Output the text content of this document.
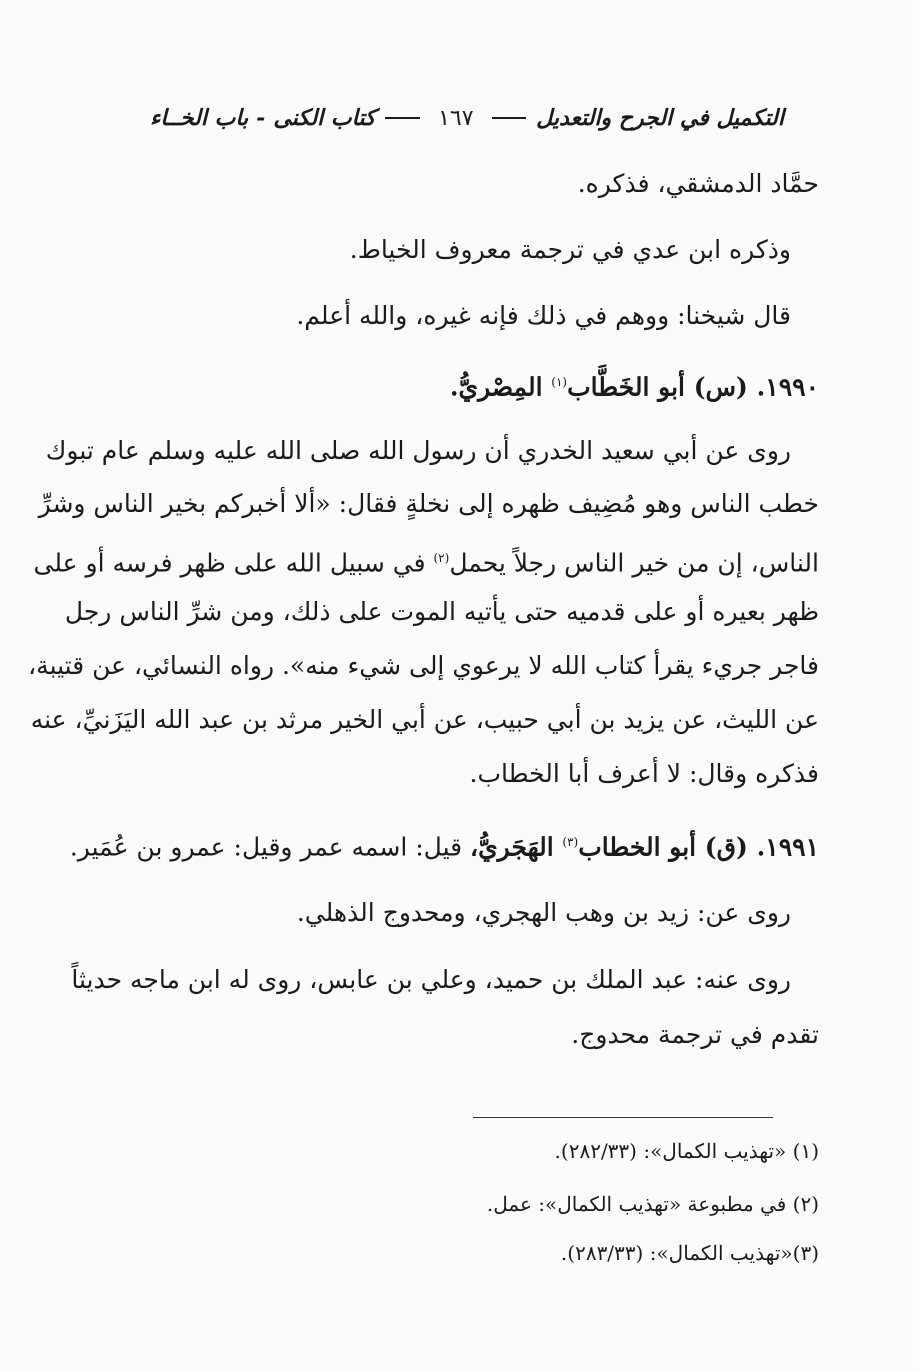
التكميل في الجرح والتعديل
١٦٧
كتاب الكنى
-
باب الخــاء
حمَّاد الدمشقي، فذكره.
وذكره ابن عدي في ترجمة معروف الخياط.
قال شيخنا: ووهم في ذلك فإنه غيره، والله أعلم.
١٩٩٠. (س) أبو الخَطَّاب$^{(١)}$ المِصْريُّ.
روى عن أبي سعيد الخدري أن رسول الله صلى الله عليه وسلم عام تبوك
خطب الناس وهو مُضِيف ظهره إلى نخلةٍ فقال: «ألا أخبركم بخير الناس وشرِّ
الناس، إن من خير الناس رجلاً يحمل$^{(٢)}$ في سبيل الله على ظهر فرسه أو على
ظهر بعيره أو على قدميه حتى يأتيه الموت على ذلك، ومن شرِّ الناس رجل
فاجر جريء يقرأ كتاب الله لا يرعوي إلى شيء منه». رواه النسائي، عن قتيبة،
عن الليث، عن يزيد بن أبي حبيب، عن أبي الخير مرثد بن عبد الله اليَزَنيِّ، عنه
فذكره وقال: لا أعرف أبا الخطاب.
١٩٩١. (ق) أبو الخطاب$^{(٣)}$ الهَجَريُّ، قيل: اسمه عمر وقيل: عمرو بن عُمَير.
روى عن: زيد بن وهب الهجري، ومحدوج الذهلي.
روى عنه: عبد الملك بن حميد، وعلي بن عابس، روى له ابن ماجه حديثاً
تقدم في ترجمة محدوج.
(١) «تهذيب الكمال»: (٢٨٢/٣٣).
(٢) في مطبوعة «تهذيب الكمال»: عمل.
(٣)«تهذيب الكمال»: (٢٨٣/٣٣).
